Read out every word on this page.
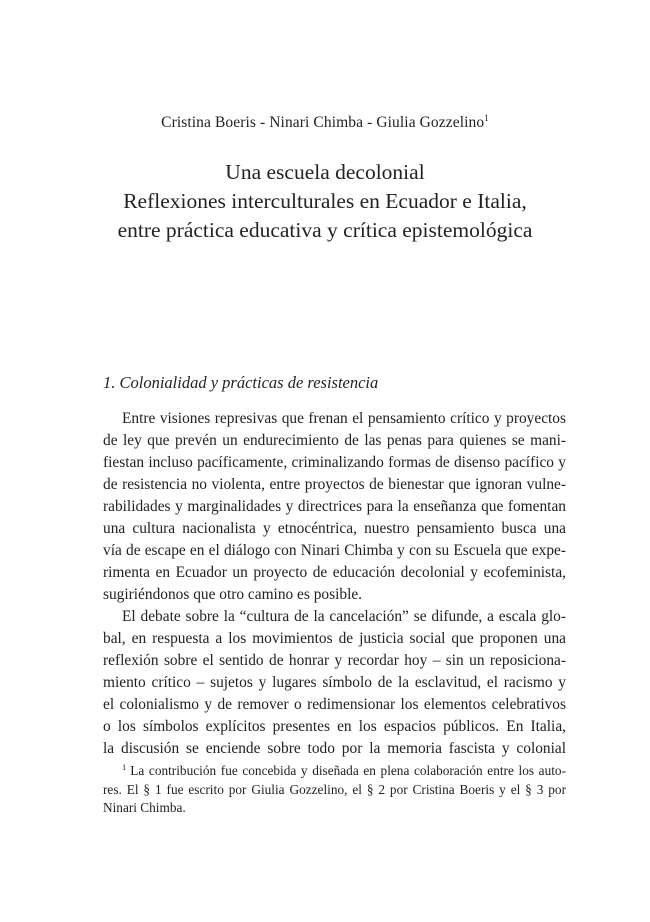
Cristina Boeris - Ninari Chimba - Giulia Gozzelino$^1$
Una escuela decolonial
Reflexiones interculturales en Ecuador e Italia,
entre práctica educativa y crítica epistemológica
1. Colonialidad y prácticas de resistencia
Entre visiones represivas que frenan el pensamiento crítico y proyectos
de ley que prevén un endurecimiento de las penas para quienes se mani-
fiestan incluso pacíficamente, criminalizando formas de disenso pacífico y
de resistencia no violenta, entre proyectos de bienestar que ignoran vulne-
rabilidades y marginalidades y directrices para la enseñanza que fomentan
una cultura nacionalista y etnocéntrica, nuestro pensamiento busca una
vía de escape en el diálogo con Ninari Chimba y con su Escuela que expe-
rimenta en Ecuador un proyecto de educación decolonial y ecofeminista,
sugiriéndonos que otro camino es posible.
El debate sobre la “cultura de la cancelación” se difunde, a escala glo-
bal, en respuesta a los movimientos de justicia social que proponen una
reflexión sobre el sentido de honrar y recordar hoy – sin un reposiciona-
miento crítico – sujetos y lugares símbolo de la esclavitud, el racismo y
el colonialismo y de remover o redimensionar los elementos celebrativos
o los símbolos explícitos presentes en los espacios públicos. En Italia,
la discusión se enciende sobre todo por la memoria fascista y colonial
$^1$ La contribución fue concebida y diseñada en plena colaboración entre los auto-
res. El § 1 fue escrito por Giulia Gozzelino, el § 2 por Cristina Boeris y el § 3 por
Ninari Chimba.
